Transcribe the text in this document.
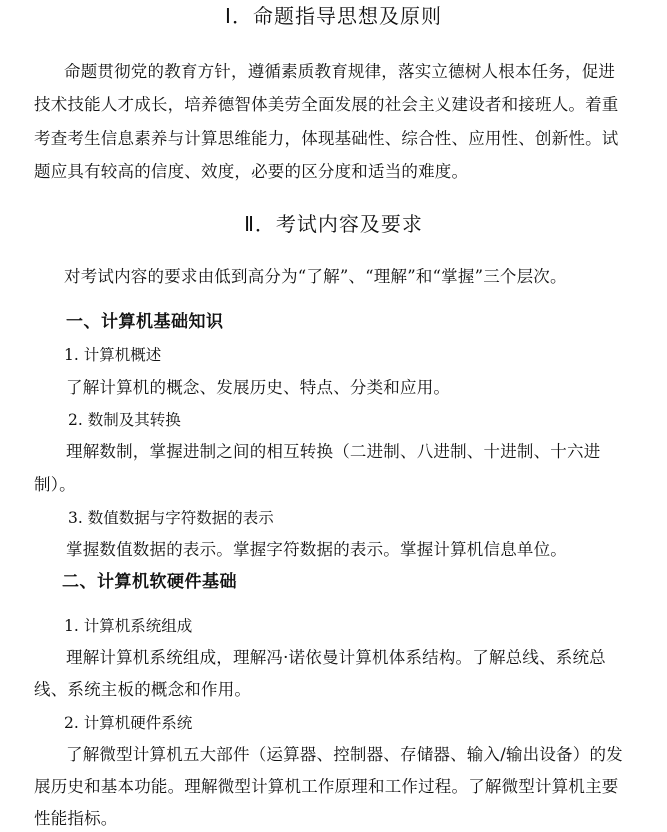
Ⅰ．命题指导思想及原则
命题贯彻党的教育方针，遵循素质教育规律，落实立德树人根本任务，促进
技术技能人才成长，培养德智体美劳全面发展的社会主义建设者和接班人。着重
考查考生信息素养与计算思维能力，体现基础性、综合性、应用性、创新性。试
题应具有较高的信度、效度，必要的区分度和适当的难度。
Ⅱ．考试内容及要求
对考试内容的要求由低到高分为“了解”、“理解”和“掌握”三个层次。
一、计算机基础知识
1. 计算机概述
了解计算机的概念、发展历史、特点、分类和应用。
2. 数制及其转换
理解数制，掌握进制之间的相互转换（二进制、八进制、十进制、十六进
制）。
3. 数值数据与字符数据的表示
掌握数值数据的表示。掌握字符数据的表示。掌握计算机信息单位。
二、计算机软硬件基础
1. 计算机系统组成
理解计算机系统组成，理解冯·诺依曼计算机体系结构。了解总线、系统总
线、系统主板的概念和作用。
2. 计算机硬件系统
了解微型计算机五大部件（运算器、控制器、存储器、输入/输出设备）的发
展历史和基本功能。理解微型计算机工作原理和工作过程。了解微型计算机主要
性能指标。
